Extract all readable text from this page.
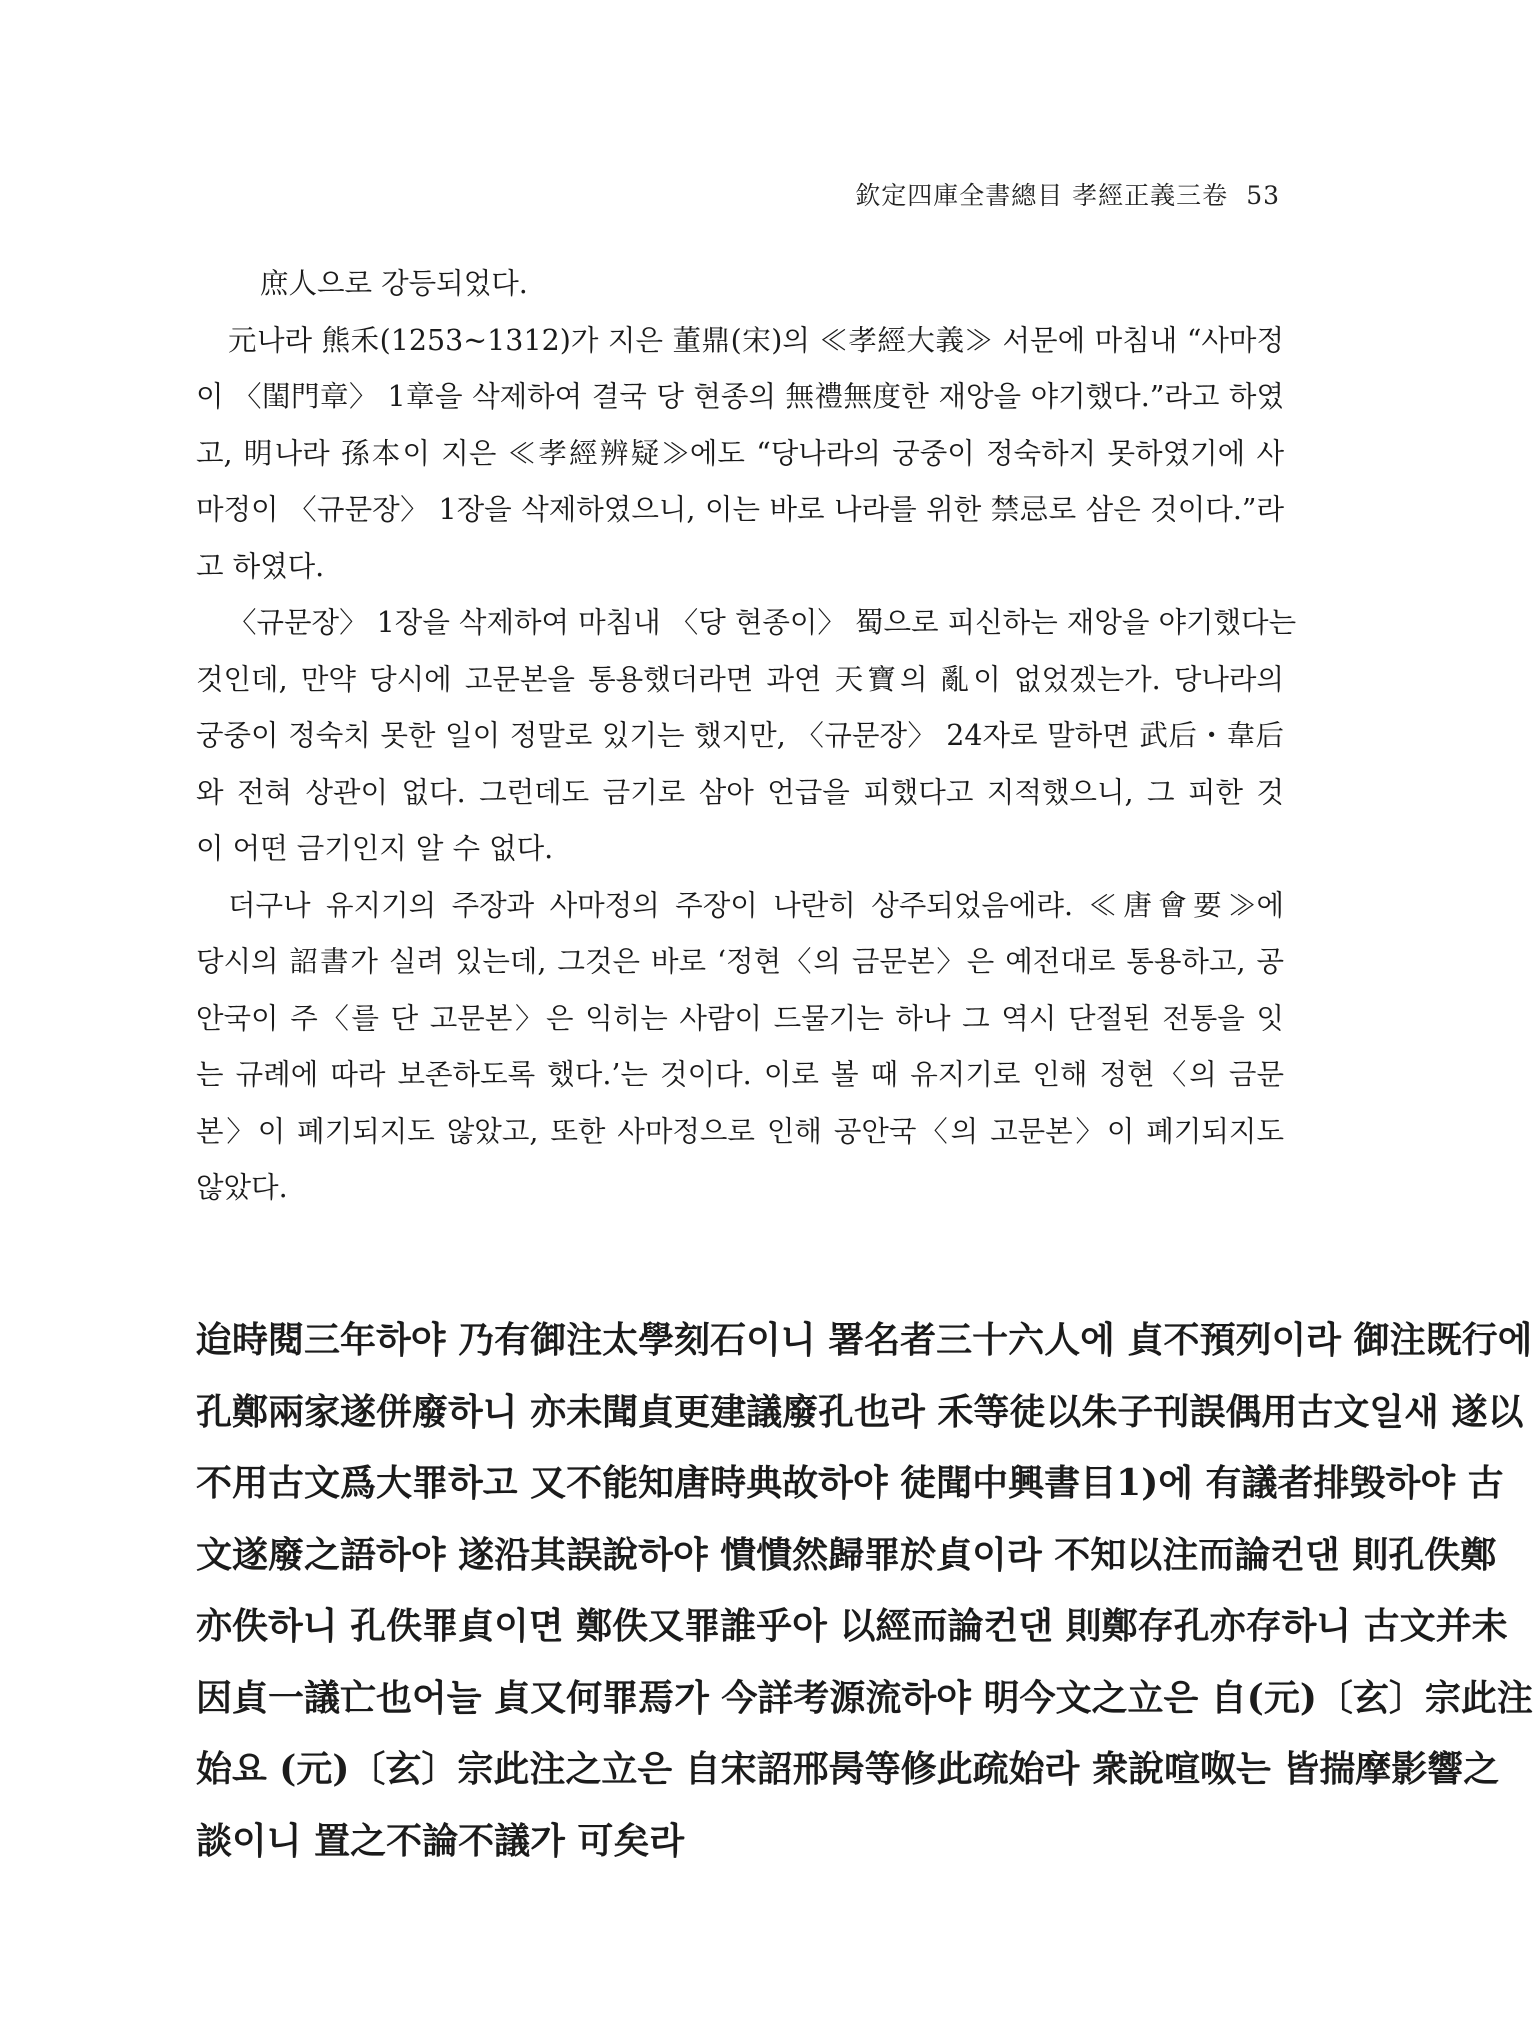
欽定四庫全書總目 孝經正義三卷 53
庶人으로 강등되었다.
元나라 熊禾(1253~1312)가 지은 董鼎(宋)의 ≪孝經大義≫ 서문에 마침내 “사마정
이 〈閨門章〉 1章을 삭제하여 결국 당 현종의 無禮無度한 재앙을 야기했다.”라고 하였
고, 明나라 孫本이 지은 ≪孝經辨疑≫에도 “당나라의 궁중이 정숙하지 못하였기에 사
마정이 〈규문장〉 1장을 삭제하였으니, 이는 바로 나라를 위한 禁忌로 삼은 것이다.”라
고 하였다.
〈규문장〉 1장을 삭제하여 마침내 〈당 현종이〉 蜀으로 피신하는 재앙을 야기했다는
것인데, 만약 당시에 고문본을 통용했더라면 과연 天寶의 亂이 없었겠는가. 당나라의
궁중이 정숙치 못한 일이 정말로 있기는 했지만, 〈규문장〉 24자로 말하면 武后・韋后
와 전혀 상관이 없다. 그런데도 금기로 삼아 언급을 피했다고 지적했으니, 그 피한 것
이 어떤 금기인지 알 수 없다.
더구나 유지기의 주장과 사마정의 주장이 나란히 상주되었음에랴. ≪唐會要≫에
당시의 詔書가 실려 있는데, 그것은 바로 ‘정현〈의 금문본〉은 예전대로 통용하고, 공
안국이 주〈를 단 고문본〉은 익히는 사람이 드물기는 하나 그 역시 단절된 전통을 잇
는 규례에 따라 보존하도록 했다.’는 것이다. 이로 볼 때 유지기로 인해 정현〈의 금문
본〉이 폐기되지도 않았고, 또한 사마정으로 인해 공안국〈의 고문본〉이 폐기되지도
않았다.
迨時閱三年하야 乃有御注太學刻石이니 署名者三十六人에 貞不預列이라 御注既行에
孔鄭兩家遂併廢하니 亦未聞貞更建議廢孔也라 禾等徒以朱子刊誤偶用古文일새 遂以
不用古文爲大罪하고 又不能知唐時典故하야 徒聞中興書目1)에 有議者排毁하야 古
文遂廢之語하야 遂沿其誤說하야 憒憒然歸罪於貞이라 不知以注而論컨댄 則孔佚鄭
亦佚하니 孔佚罪貞이면 鄭佚又罪誰乎아 以經而論컨댄 則鄭存孔亦存하니 古文并未
因貞一議亡也어늘 貞又何罪焉가 今詳考源流하야 明今文之立은 自(元)〔玄〕宗此注
始요 (元)〔玄〕宗此注之立은 自宋詔邢昺等修此疏始라 衆說喧呶는 皆揣摩影響之
談이니 置之不論不議가 可矣라
